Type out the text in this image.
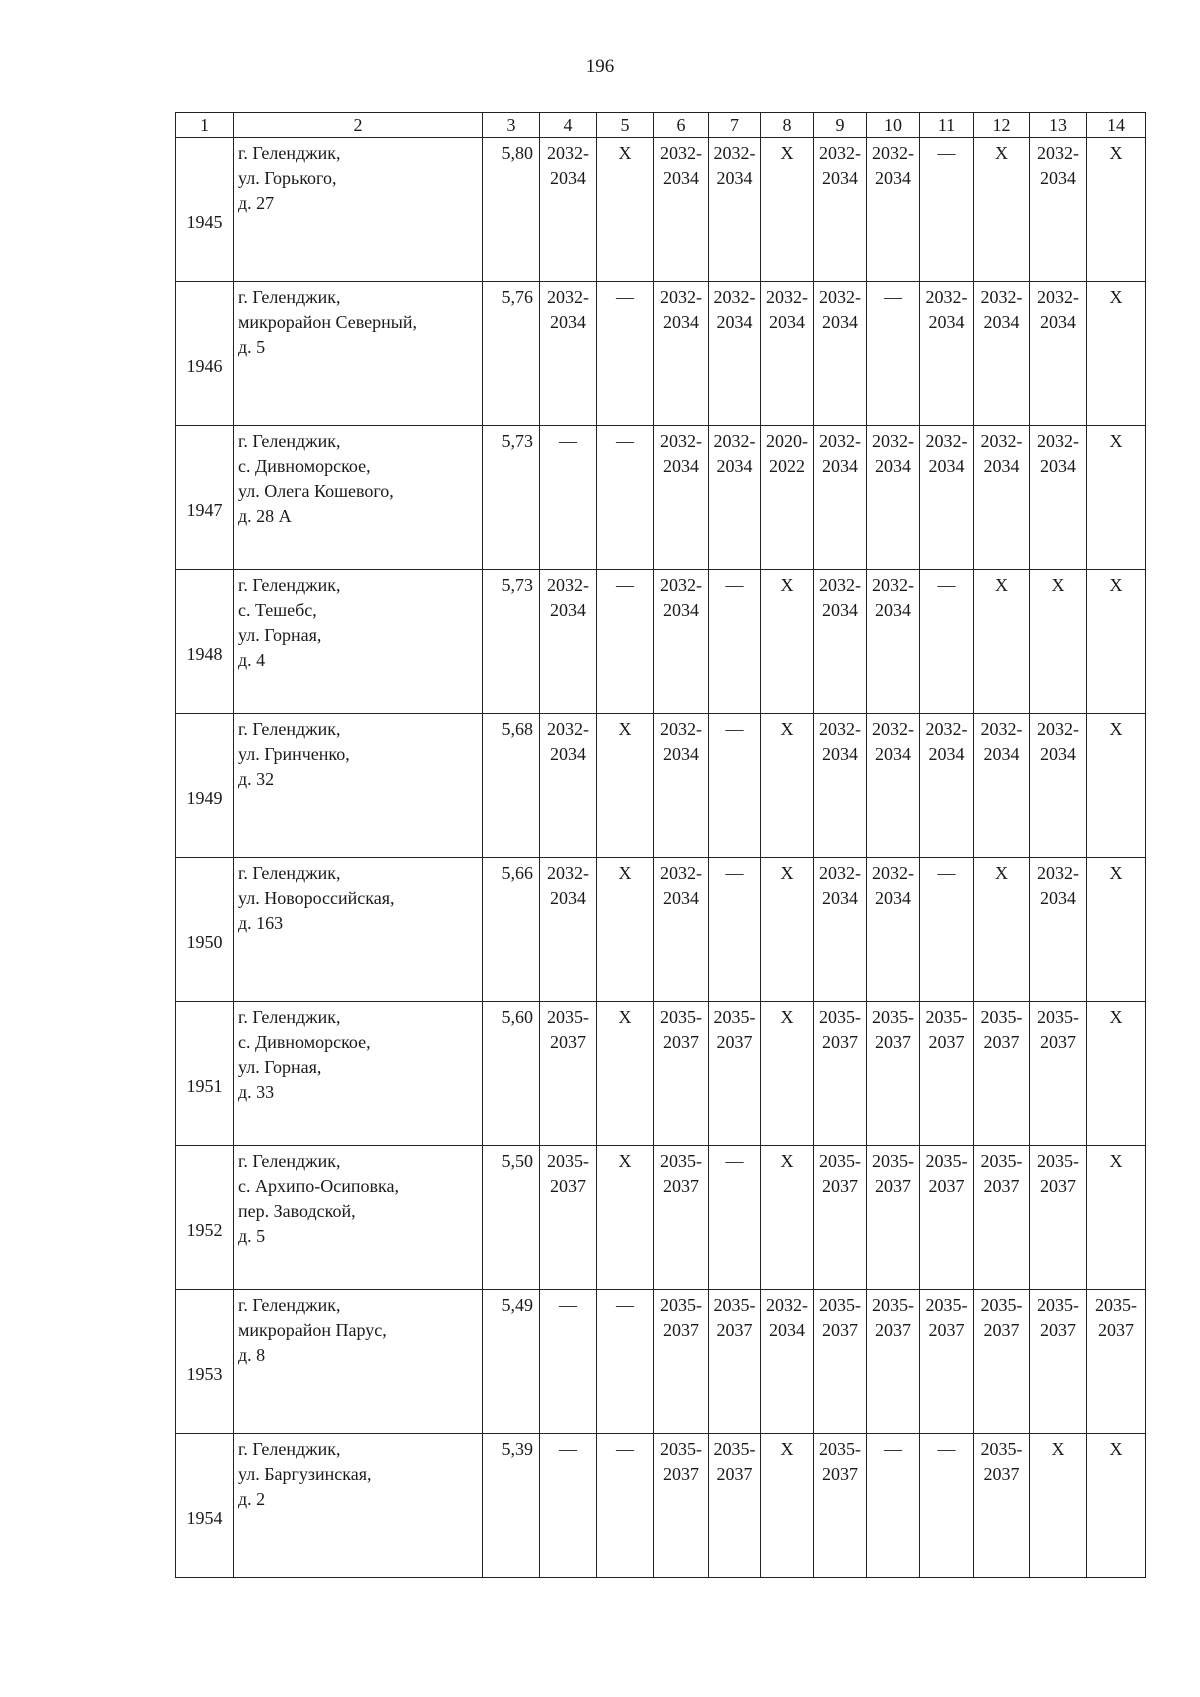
196
1	2	3	4	5	6	7	8	9	10	11	12	13	14
1945	г. Геленджик,
ул. Горького,
д. 27	5,80	2032-
2034	X	2032-
2034	2032-
2034	X	2032-
2034	2032-
2034	—	X	2032-
2034	X
1946	г. Геленджик,
микрорайон Северный,
д. 5	5,76	2032-
2034	—	2032-
2034	2032-
2034	2032-
2034	2032-
2034	—	2032-
2034	2032-
2034	2032-
2034	X
1947	г. Геленджик,
с. Дивноморское,
ул. Олега Кошевого,
д. 28 А	5,73	—	—	2032-
2034	2032-
2034	2020-
2022	2032-
2034	2032-
2034	2032-
2034	2032-
2034	2032-
2034	X
1948	г. Геленджик,
с. Тешебс,
ул. Горная,
д. 4	5,73	2032-
2034	—	2032-
2034	—	X	2032-
2034	2032-
2034	—	X	X	X
1949	г. Геленджик,
ул. Гринченко,
д. 32	5,68	2032-
2034	X	2032-
2034	—	X	2032-
2034	2032-
2034	2032-
2034	2032-
2034	2032-
2034	X
1950	г. Геленджик,
ул. Новороссийская,
д. 163	5,66	2032-
2034	X	2032-
2034	—	X	2032-
2034	2032-
2034	—	X	2032-
2034	X
1951	г. Геленджик,
с. Дивноморское,
ул. Горная,
д. 33	5,60	2035-
2037	X	2035-
2037	2035-
2037	X	2035-
2037	2035-
2037	2035-
2037	2035-
2037	2035-
2037	X
1952	г. Геленджик,
с. Архипо-Осиповка,
пер. Заводской,
д. 5	5,50	2035-
2037	X	2035-
2037	—	X	2035-
2037	2035-
2037	2035-
2037	2035-
2037	2035-
2037	X
1953	г. Геленджик,
микрорайон Парус,
д. 8	5,49	—	—	2035-
2037	2035-
2037	2032-
2034	2035-
2037	2035-
2037	2035-
2037	2035-
2037	2035-
2037	2035-
2037

1954	г. Геленджик,
ул. Баргузинская,
д. 2	5,39	—	—	2035-
2037	2035-
2037	X	2035-
2037	—	—	2035-
2037	X	X
